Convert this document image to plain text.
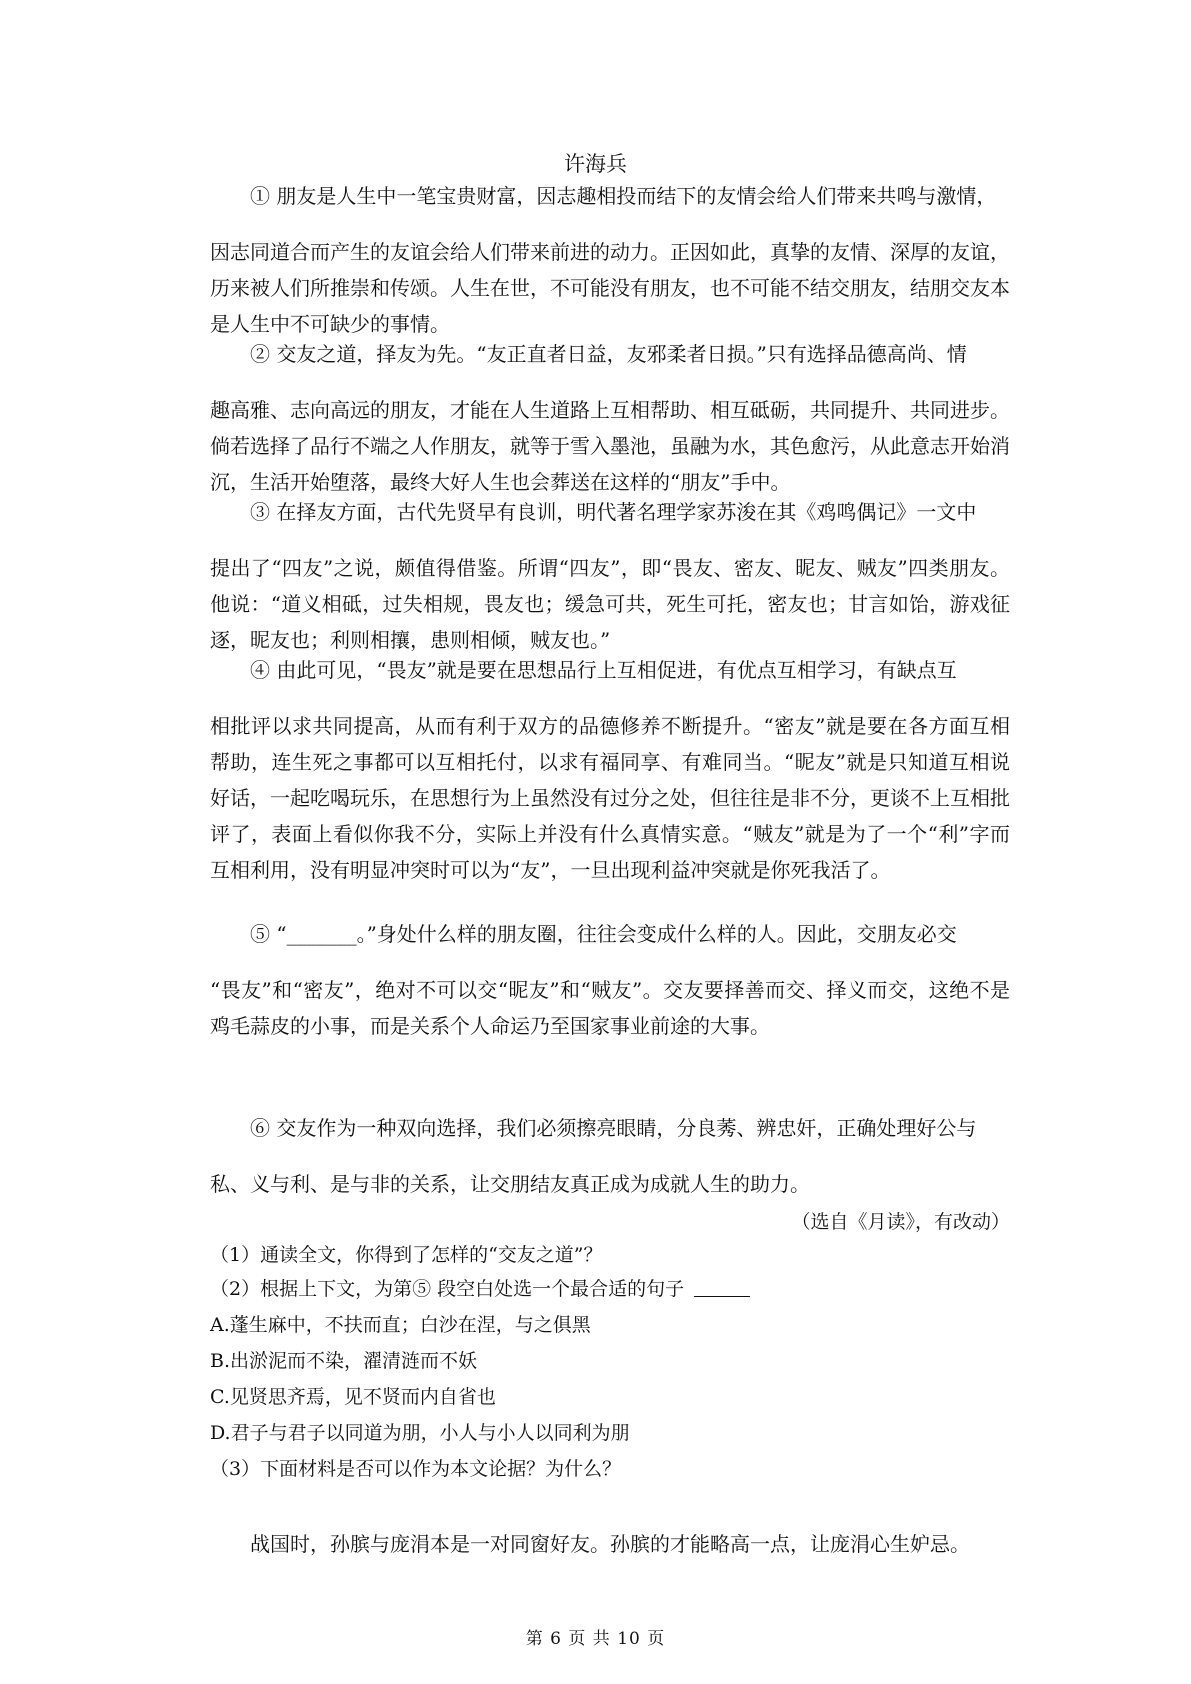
许海兵
① 朋友是人生中一笔宝贵财富，因志趣相投而结下的友情会给人们带来共鸣与激情，
因志同道合而产生的友谊会给人们带来前进的动力。正因如此，真挚的友情、深厚的友谊，历来被人们所推崇和传颂。人生在世，不可能没有朋友，也不可能不结交朋友，结朋交友本是人生中不可缺少的事情。
② 交友之道，择友为先。“友正直者日益，友邪柔者日损。”只有选择品德高尚、情
趣高雅、志向高远的朋友，才能在人生道路上互相帮助、相互砥砺，共同提升、共同进步。倘若选择了品行不端之人作朋友，就等于雪入墨池，虽融为水，其色愈污，从此意志开始消沉，生活开始堕落，最终大好人生也会葬送在这样的“朋友”手中。
③ 在择友方面，古代先贤早有良训，明代著名理学家苏浚在其《鸡鸣偶记》一文中
提出了“四友”之说，颇值得借鉴。所谓“四友”，即“畏友、密友、昵友、贼友”四类朋友。他说：“道义相砥，过失相规，畏友也；缓急可共，死生可托，密友也；甘言如饴，游戏征逐，昵友也；利则相攘，患则相倾，贼友也。”
④ 由此可见，“畏友”就是要在思想品行上互相促进，有优点互相学习，有缺点互
相批评以求共同提高，从而有利于双方的品德修养不断提升。“密友”就是要在各方面互相帮助，连生死之事都可以互相托付，以求有福同享、有难同当。“昵友”就是只知道互相说好话，一起吃喝玩乐，在思想行为上虽然没有过分之处，但往往是非不分，更谈不上互相批评了，表面上看似你我不分，实际上并没有什么真情实意。“贼友”就是为了一个“利”字而互相利用，没有明显冲突时可以为“友”，一旦出现利益冲突就是你死我活了。
⑤ “_______。”身处什么样的朋友圈，往往会变成什么样的人。因此，交朋友必交
“畏友”和“密友”，绝对不可以交“昵友”和“贼友”。交友要择善而交、择义而交，这绝不是鸡毛蒜皮的小事，而是关系个人命运乃至国家事业前途的大事。
⑥ 交友作为一种双向选择，我们必须擦亮眼睛，分良莠、辨忠奸，正确处理好公与
私、义与利、是与非的关系，让交朋结友真正成为成就人生的助力。
（选自《月读》，有改动）
（1）通读全文，你得到了怎样的“交友之道”？
（2）根据上下文，为第⑤ 段空白处选一个最合适的句子
A.蓬生麻中，不扶而直；白沙在涅，与之俱黑
B.出淤泥而不染，濯清涟而不妖
C.见贤思齐焉，见不贤而内自省也
D.君子与君子以同道为朋，小人与小人以同利为朋
（3）下面材料是否可以作为本文论据？为什么？
战国时，孙膑与庞涓本是一对同窗好友。孙膑的才能略高一点，让庞涓心生妒忌。
第 6 页 共 10 页
